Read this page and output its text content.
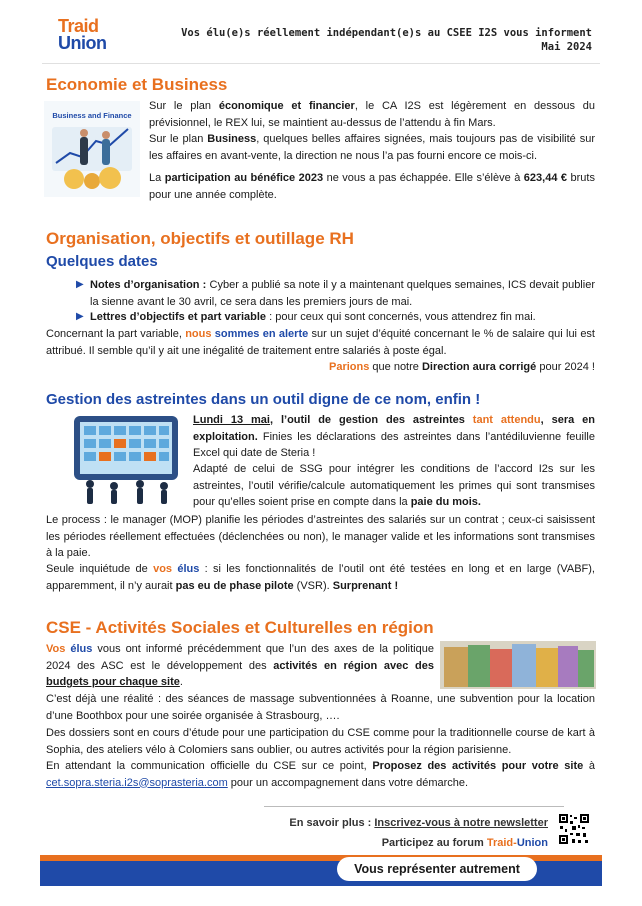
Traid
Union	Vos élu(e)s réellement indépendant(e)s au CSEE I2S vous informent
Mai 2024
Economie et Business
Business and Finance
Sur le plan économique et financier, le CA I2S est légèrement en dessous du prévisionnel, le REX lui, se maintient au-dessus de l’attendu à fin Mars.
Sur le plan Business, quelques belles affaires signées, mais toujours pas de visibilité sur les affaires en avant-vente, la direction ne nous l’a pas fourni encore ce mois-ci.
La participation au bénéfice 2023 ne vous a pas échappée. Elle s’élève à 623,44 € bruts pour une année complète.
Organisation, objectifs et outillage RH
Quelques dates
▶ Notes d’organisation : Cyber a publié sa note il y a maintenant quelques semaines, ICS devait publier la sienne avant le 30 avril, ce sera dans les premiers jours de mai.
▶ Lettres d’objectifs et part variable : pour ceux qui sont concernés, vous attendrez fin mai.
Concernant la part variable, nous sommes en alerte sur un sujet d’équité concernant le % de salaire qui lui est attribué. Il semble qu’il y ait une inégalité de traitement entre salariés à poste égal.
Parions que notre Direction aura corrigé pour 2024 !
Gestion des astreintes dans un outil digne de ce nom, enfin !
Lundi 13 mai, l’outil de gestion des astreintes tant attendu, sera en exploitation. Finies les déclarations des astreintes dans l’antédiluvienne feuille Excel qui date de Steria !
Adapté de celui de SSG pour intégrer les conditions de l’accord I2s sur les astreintes, l’outil vérifie/calcule automatiquement les primes qui sont transmises pour qu’elles soient prise en compte dans la paie du mois.
Le process : le manager (MOP) planifie les périodes d’astreintes des salariés sur un contrat ; ceux-ci saisissent les périodes réellement effectuées (déclenchées ou non), le manager valide et les informations sont transmises à la paie.
Seule inquiétude de vos élus : si les fonctionnalités de l’outil ont été testées en long et en large (VABF), apparemment, il n’y aurait pas eu de phase pilote (VSR). Surprenant !
CSE - Activités Sociales et Culturelles en région
Vos élus vous ont informé précédemment que l’un des axes de la politique 2024 des ASC est le développement des activités en région avec des budgets pour chaque site.
C’est déjà une réalité : des séances de massage subventionnées à Roanne, une subvention pour la location d’une Boothbox pour une soirée organisée à Strasbourg, ….
Des dossiers sont en cours d’étude pour une participation du CSE comme pour la traditionnelle course de kart à Sophia, des ateliers vélo à Colomiers sans oublier, ou autres activités pour la région parisienne.
En attendant la communication officielle du CSE sur ce point, Proposez des activités pour votre site à cet.sopra.steria.i2s@soprasteria.com pour un accompagnement dans votre démarche.
En savoir plus : Inscrivez-vous à notre newsletter
Participez au forum Traid-Union
Vous représenter autrement
